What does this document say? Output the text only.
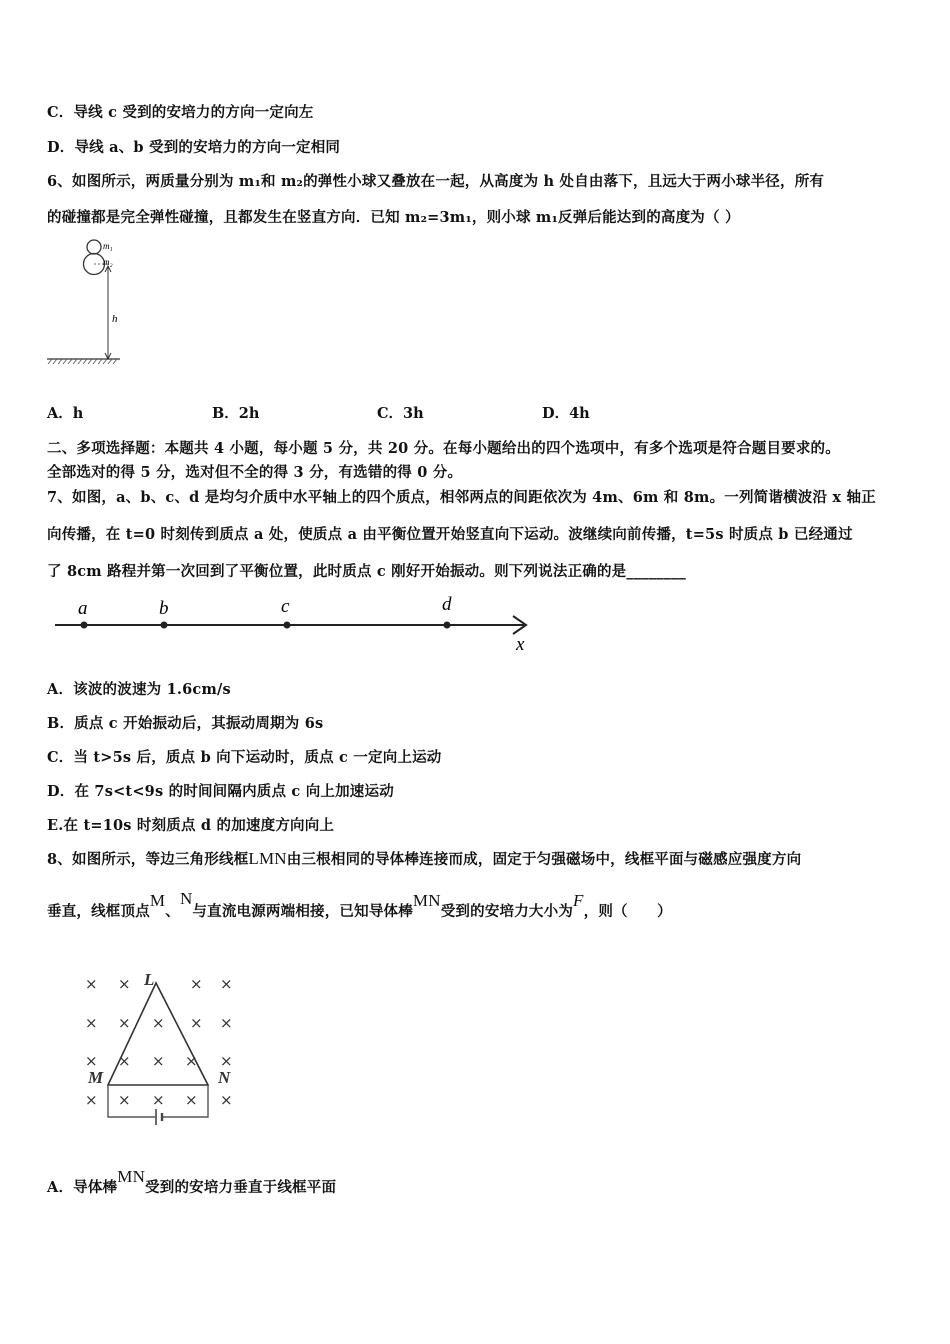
C．导线 c 受到的安培力的方向一定向左
D．导线 a、b 受到的安培力的方向一定相同
6、如图所示，两质量分别为 m₁和 m₂的弹性小球又叠放在一起，从高度为 h 处自由落下，且远大于两小球半径，所有
的碰撞都是完全弹性碰撞，且都发生在竖直方向．已知 m₂=3m₁，则小球 m₁反弹后能达到的高度为（ ）
m₁
m₂
h
A．h	B．2h	C．3h	D．4h
二、多项选择题：本题共 4 小题，每小题 5 分，共 20 分。在每小题给出的四个选项中，有多个选项是符合题目要求的。
全部选对的得 5 分，选对但不全的得 3 分，有选错的得 0 分。
7、如图，a、b、c、d 是均匀介质中水平轴上的四个质点，相邻两点的间距依次为 4m、6m 和 8m。一列简谐横波沿 x 轴正
向传播，在 t=0 时刻传到质点 a 处，使质点 a 由平衡位置开始竖直向下运动。波继续向前传播，t=5s 时质点 b 已经通过
了 8cm 路程并第一次回到了平衡位置，此时质点 c 刚好开始振动。则下列说法正确的是________
a	b	c	d
x
A．该波的波速为 1.6cm/s
B．质点 c 开始振动后，其振动周期为 6s
C．当 t>5s 后，质点 b 向下运动时，质点 c 一定向上运动
D．在 7s<t<9s 的时间间隔内质点 c 向上加速运动
E.在 t=10s 时刻质点 d 的加速度方向向上
8、如图所示，等边三角形线框LMN由三根相同的导体棒连接而成，固定于匀强磁场中，线框平面与磁感应强度方向
垂直，线框顶点M、N与直流电源两端相接，已知导体棒MN受到的安培力大小为F，则（　　）
× ×	× ×
× × × × ×
× × × × ×
× × × × ×
L
M	N
A．导体棒MN受到的安培力垂直于线框平面
